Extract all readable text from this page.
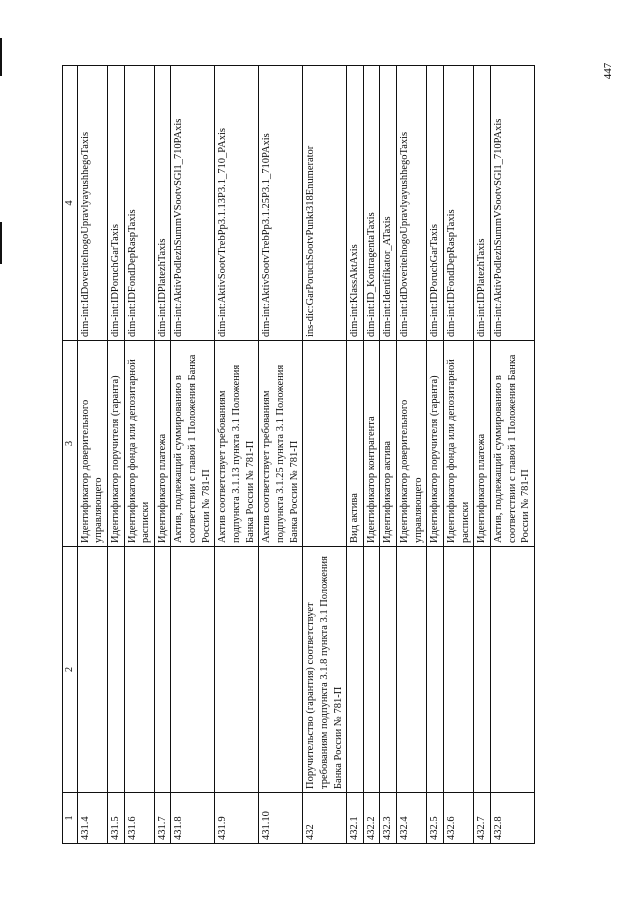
447
1	2	3	4
431.4		Идентификатор доверительного управляющего	dim-int:IdDoveritelnogoUpravlyayushhegoTaxis
431.5		Идентификатор поручителя (гаранта)	dim-int:IDPoruchGarTaxis
431.6		Идентификатор фонда или депозитарной расписки	dim-int:IDFondDepRaspTaxis
431.7		Идентификатор платежа	dim-int:IDPlatezhTaxis
431.8		Актив, подлежащий суммированию в соответствии с главой 1 Положения Банка России № 781-П	dim-int:AktivPodlezhSummVSootvSGl1_710PAxis
431.9		Актив соответствует требованиям подпункта 3.1.13 пункта 3.1 Положения Банка России № 781-П	dim-int:AktivSootvTrebPp3.1.13P3.1_710_PAxis
431.10		Актив соответствует требованиям подпункта 3.1.25 пункта 3.1 Положения Банка России № 781-П	dim-int:AktivSootvTrebPp3.1.25P3.1_710PAxis
432	Поручительство (гарантия) соответствует требованиям подпункта 3.1.8 пункта 3.1 Положения Банка России № 781-П		ins-dic:GarPoruchSootvPunkt318Enumerator
432.1		Вид актива	dim-int:KlassAktAxis
432.2		Идентификатор контрагента	dim-int:ID_KontragentaTaxis
432.3		Идентификатор актива	dim-int:Identifikator_ATaxis
432.4		Идентификатор доверительного управляющего	dim-int:IdDoveritelnogoUpravlyayushhegoTaxis
432.5		Идентификатор поручителя (гаранта)	dim-int:IDPoruchGarTaxis
432.6		Идентификатор фонда или депозитарной расписки	dim-int:IDFondDepRaspTaxis
432.7		Идентификатор платежа	dim-int:IDPlatezhTaxis
432.8		Актив, подлежащий суммированию в соответствии с главой 1 Положения Банка России № 781-П	dim-int:AktivPodlezhSummVSootvSGl1_710PAxis
